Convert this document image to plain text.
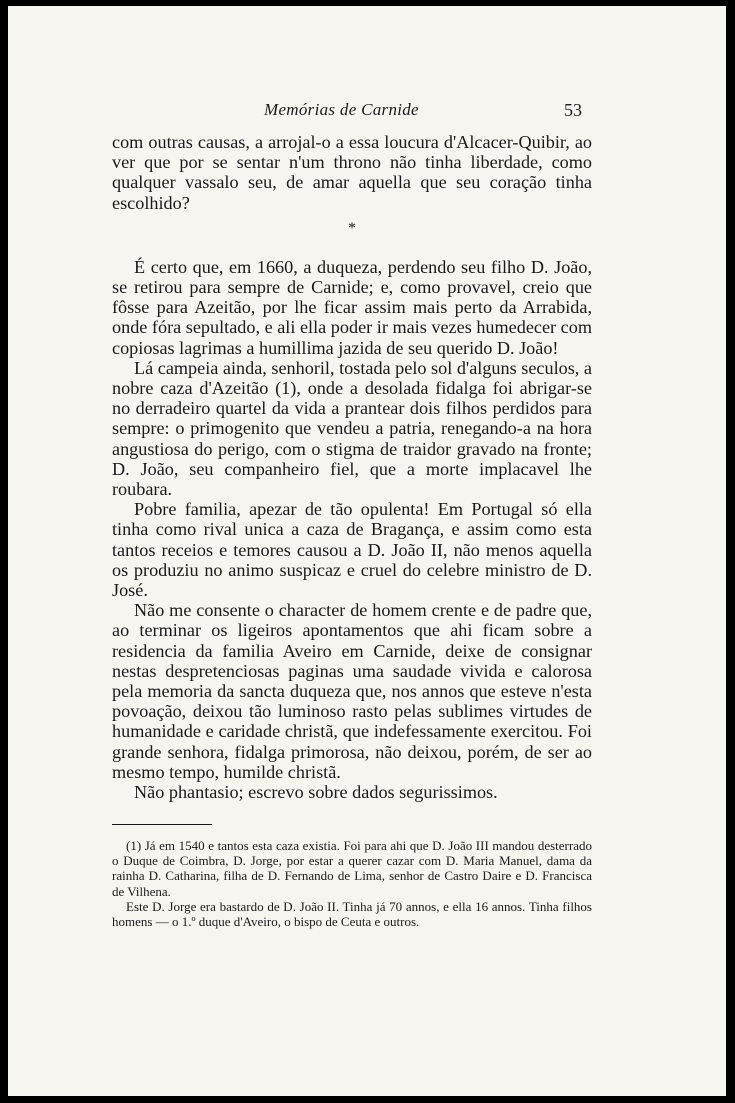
Memórias de Carnide	53

com outras causas, a arrojal-o a essa loucura d'Alcacer-Quibir, ao ver que por se sentar n'um throno não tinha liberdade, como qualquer vassalo seu, de amar aquella que seu coração tinha escolhido?

*

É certo que, em 1660, a duqueza, perdendo seu filho D. João, se retirou para sempre de Carnide; e, como provavel, creio que fôsse para Azeitão, por lhe ficar assim mais perto da Arrabida, onde fóra sepultado, e ali ella poder ir mais vezes humedecer com copiosas lagrimas a humillima jazida de seu querido D. João!

Lá campeia ainda, senhoril, tostada pelo sol d'alguns seculos, a nobre caza d'Azeitão (1), onde a desolada fidalga foi abrigar-se no derradeiro quartel da vida a prantear dois filhos perdidos para sempre: o primogenito que vendeu a patria, renegando-a na hora angustiosa do perigo, com o stigma de traidor gravado na fronte; D. João, seu companheiro fiel, que a morte implacavel lhe roubara.

Pobre familia, apezar de tão opulenta! Em Portugal só ella tinha como rival unica a caza de Bragança, e assim como esta tantos receios e temores causou a D. João II, não menos aquella os produziu no animo suspicaz e cruel do celebre ministro de D. José.

Não me consente o character de homem crente e de padre que, ao terminar os ligeiros apontamentos que ahi ficam sobre a residencia da familia Aveiro em Carnide, deixe de consignar nestas despretenciosas paginas uma saudade vivida e calorosa pela memoria da sancta duqueza que, nos annos que esteve n'esta povoação, deixou tão luminoso rasto pelas sublimes virtudes de humanidade e caridade christã, que indefessamente exercitou. Foi grande senhora, fidalga primorosa, não deixou, porém, de ser ao mesmo tempo, humilde christã.

Não phantasio; escrevo sobre dados segurissimos.

(1) Já em 1540 e tantos esta caza existia. Foi para ahi que D. João III mandou desterrado o Duque de Coimbra, D. Jorge, por estar a querer cazar com D. Maria Manuel, dama da rainha D. Catharina, filha de D. Fernando de Lima, senhor de Castro Daire e D. Francisca de Vilhena.

Este D. Jorge era bastardo de D. João II. Tinha já 70 annos, e ella 16 annos. Tinha filhos homens — o 1.º duque d'Aveiro, o bispo de Ceuta e outros.
